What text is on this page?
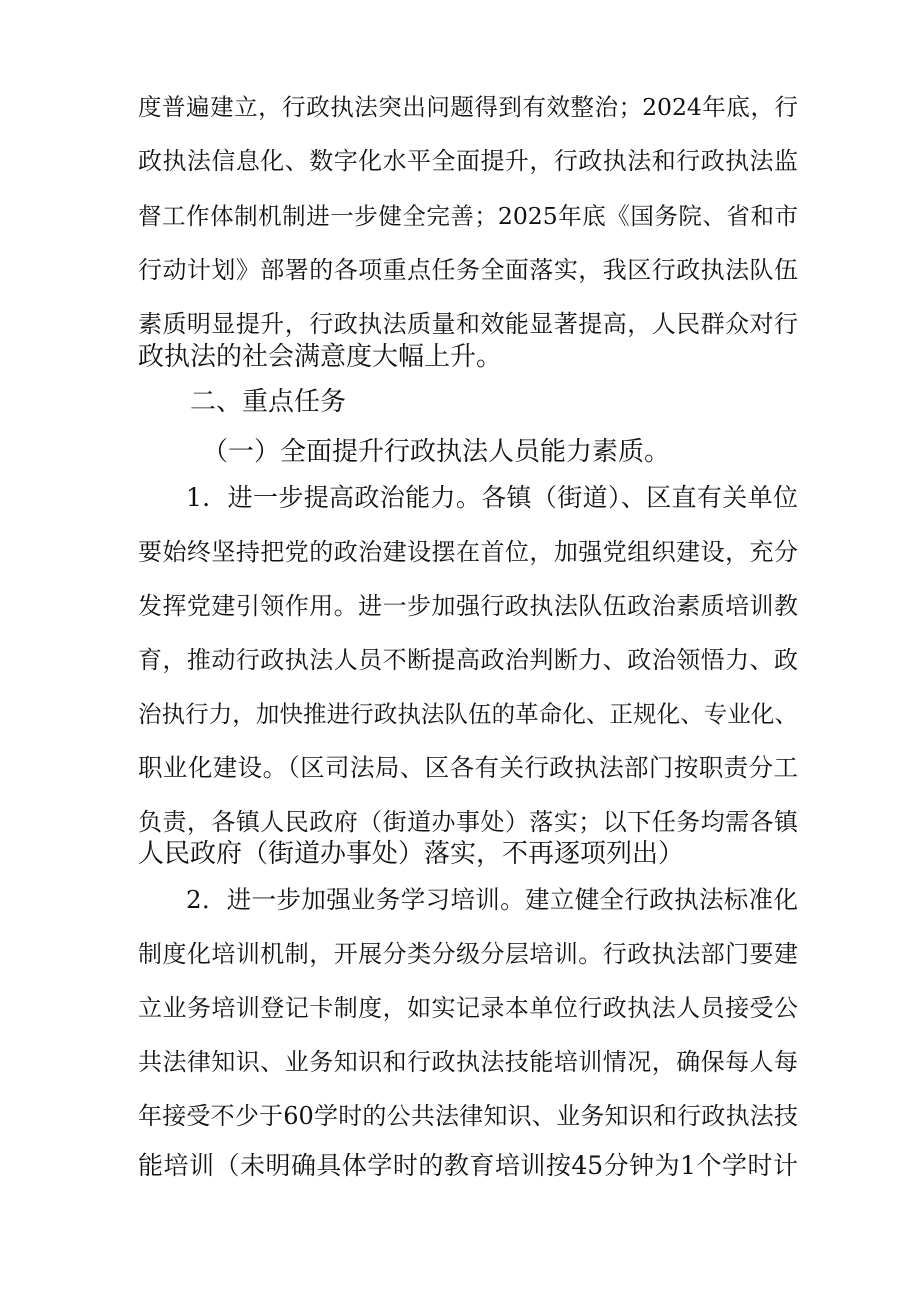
度普遍建立，行政执法突出问题得到有效整治；2024年底，行
政执法信息化、数字化水平全面提升，行政执法和行政执法监
督工作体制机制进一步健全完善；2025年底《国务院、省和市
行动计划》部署的各项重点任务全面落实，我区行政执法队伍
素质明显提升，行政执法质量和效能显著提高，人民群众对行
政执法的社会满意度大幅上升。
二、重点任务
（一）全面提升行政执法人员能力素质。
1．进一步提高政治能力。各镇（街道）、区直有关单位
要始终坚持把党的政治建设摆在首位，加强党组织建设，充分
发挥党建引领作用。进一步加强行政执法队伍政治素质培训教
育，推动行政执法人员不断提高政治判断力、政治领悟力、政
治执行力，加快推进行政执法队伍的革命化、正规化、专业化、
职业化建设。（区司法局、区各有关行政执法部门按职责分工
负责，各镇人民政府（街道办事处）落实；以下任务均需各镇
人民政府（街道办事处）落实，不再逐项列出）
2．进一步加强业务学习培训。建立健全行政执法标准化
制度化培训机制，开展分类分级分层培训。行政执法部门要建
立业务培训登记卡制度，如实记录本单位行政执法人员接受公
共法律知识、业务知识和行政执法技能培训情况，确保每人每
年接受不少于60学时的公共法律知识、业务知识和行政执法技
能培训（未明确具体学时的教育培训按45分钟为1个学时计
